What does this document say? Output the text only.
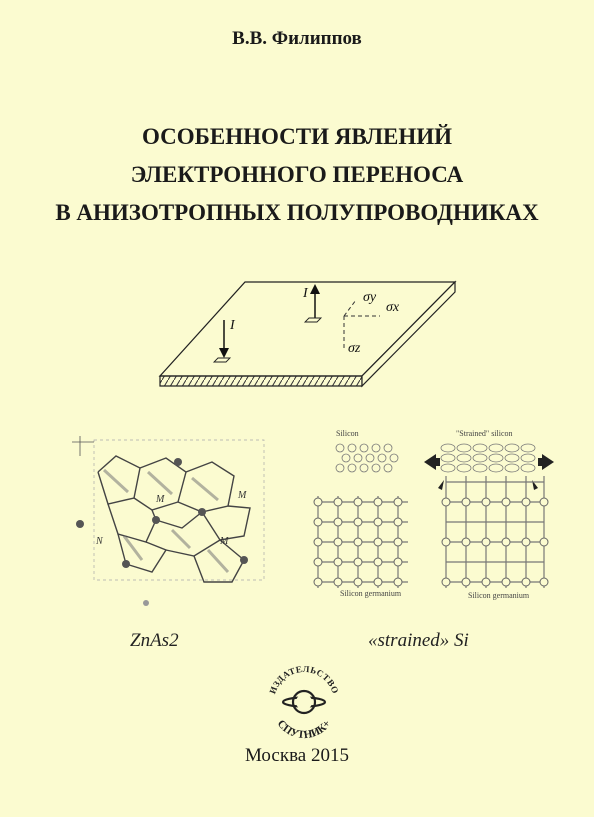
В.В. Филиппов
ОСОБЕННОСТИ ЯВЛЕНИЙ
ЭЛЕКТРОННОГО ПЕРЕНОСА
В АНИЗОТРОПНЫХ ПОЛУПРОВОДНИКАХ
I
I	σy
σx
σz
M
M
M
N
Silicon	"Strained" silicon
Silicon germanium	Silicon germanium
ZnAs2	«strained» Si
ИЗДАТЕЛЬСТВО
СПУТНИК+
Москва 2015
